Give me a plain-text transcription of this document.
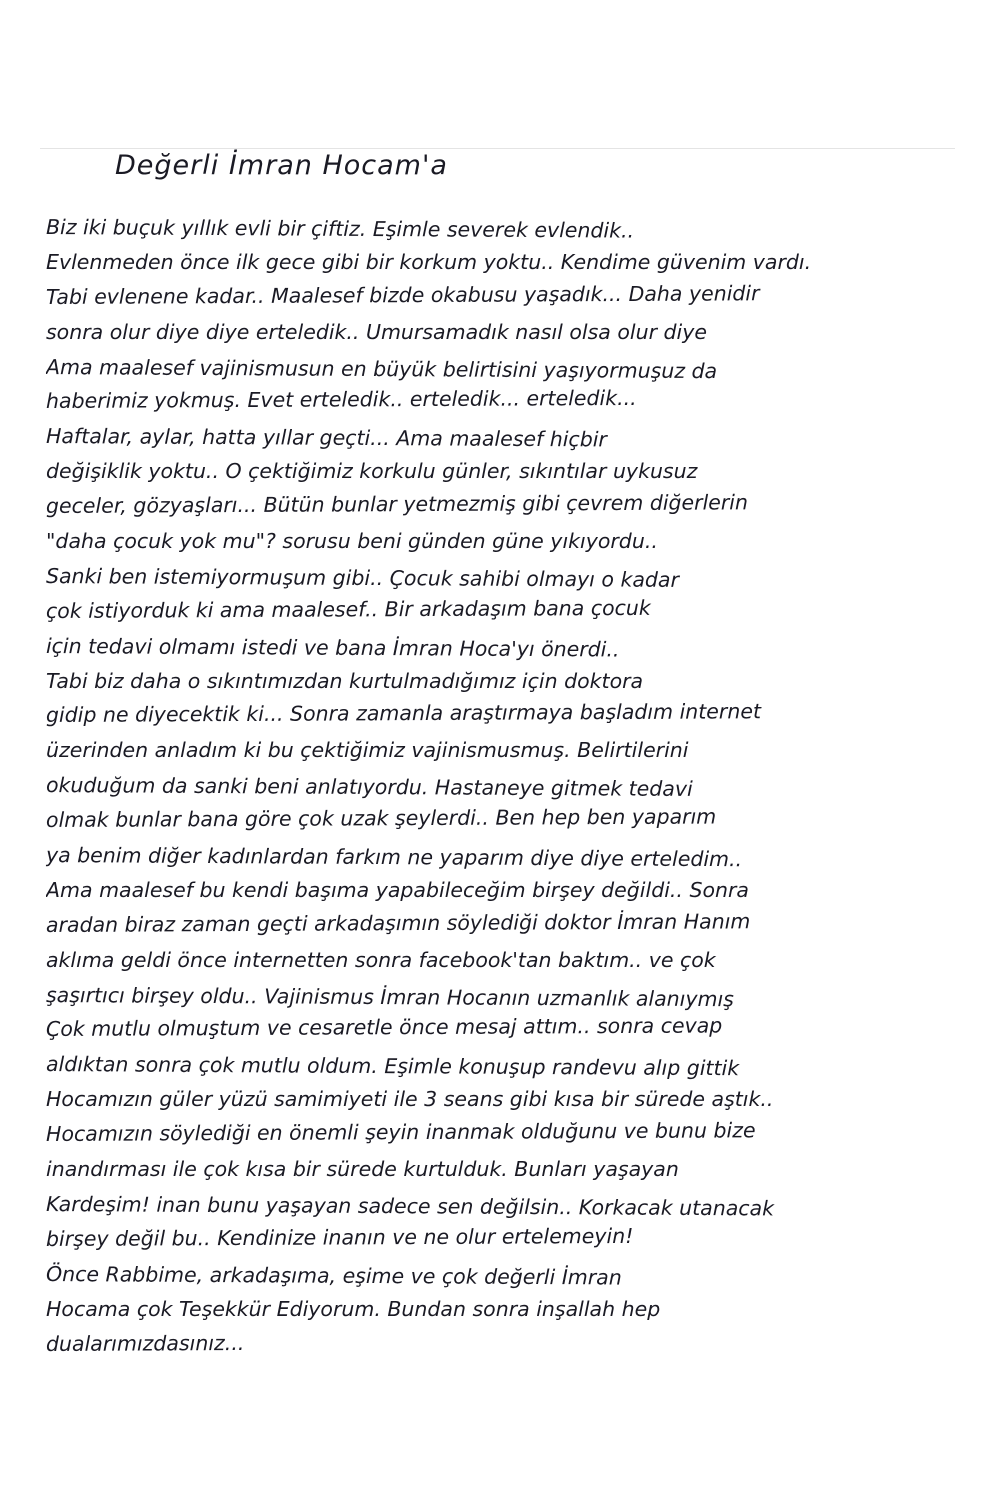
Değerli İmran Hocam'a
Biz iki buçuk yıllık evli bir çiftiz. Eşimle severek evlendik..
Evlenmeden önce ilk gece gibi bir korkum yoktu.. Kendime güvenim vardı.
Tabi evlenene kadar.. Maalesef bizde okabusu yaşadık... Daha yenidir
sonra olur diye diye erteledik.. Umursamadık nasıl olsa olur diye
Ama maalesef vajinismusun en büyük belirtisini yaşıyormuşuz da
haberimiz yokmuş. Evet erteledik.. erteledik... erteledik...
Haftalar, aylar, hatta yıllar geçti... Ama maalesef hiçbir
değişiklik yoktu.. O çektiğimiz korkulu günler, sıkıntılar uykusuz
geceler, gözyaşları... Bütün bunlar yetmezmiş gibi çevrem diğerlerin
"daha çocuk yok mu"? sorusu beni günden güne yıkıyordu..
Sanki ben istemiyormuşum gibi.. Çocuk sahibi olmayı o kadar
çok istiyorduk ki ama maalesef.. Bir arkadaşım bana çocuk
için tedavi olmamı istedi ve bana İmran Hoca'yı önerdi..
Tabi biz daha o sıkıntımızdan kurtulmadığımız için doktora
gidip ne diyecektik ki... Sonra zamanla araştırmaya başladım internet
üzerinden anladım ki bu çektiğimiz vajinismusmuş. Belirtilerini
okuduğum da sanki beni anlatıyordu. Hastaneye gitmek tedavi
olmak bunlar bana göre çok uzak şeylerdi.. Ben hep ben yaparım
ya benim diğer kadınlardan farkım ne yaparım diye diye erteledim..
Ama maalesef bu kendi başıma yapabileceğim birşey değildi.. Sonra
aradan biraz zaman geçti arkadaşımın söylediği doktor İmran Hanım
aklıma geldi önce internetten sonra facebook'tan baktım.. ve çok
şaşırtıcı birşey oldu.. Vajinismus İmran Hocanın uzmanlık alanıymış
Çok mutlu olmuştum ve cesaretle önce mesaj attım.. sonra cevap
aldıktan sonra çok mutlu oldum. Eşimle konuşup randevu alıp gittik
Hocamızın güler yüzü samimiyeti ile 3 seans gibi kısa bir sürede aştık..
Hocamızın söylediği en önemli şeyin inanmak olduğunu ve bunu bize
inandırması ile çok kısa bir sürede kurtulduk. Bunları yaşayan
Kardeşim! inan bunu yaşayan sadece sen değilsin.. Korkacak utanacak
birşey değil bu.. Kendinize inanın ve ne olur ertelemeyin!
Önce Rabbime, arkadaşıma, eşime ve çok değerli İmran
Hocama çok Teşekkür Ediyorum. Bundan sonra inşallah hep
dualarımızdasınız...
